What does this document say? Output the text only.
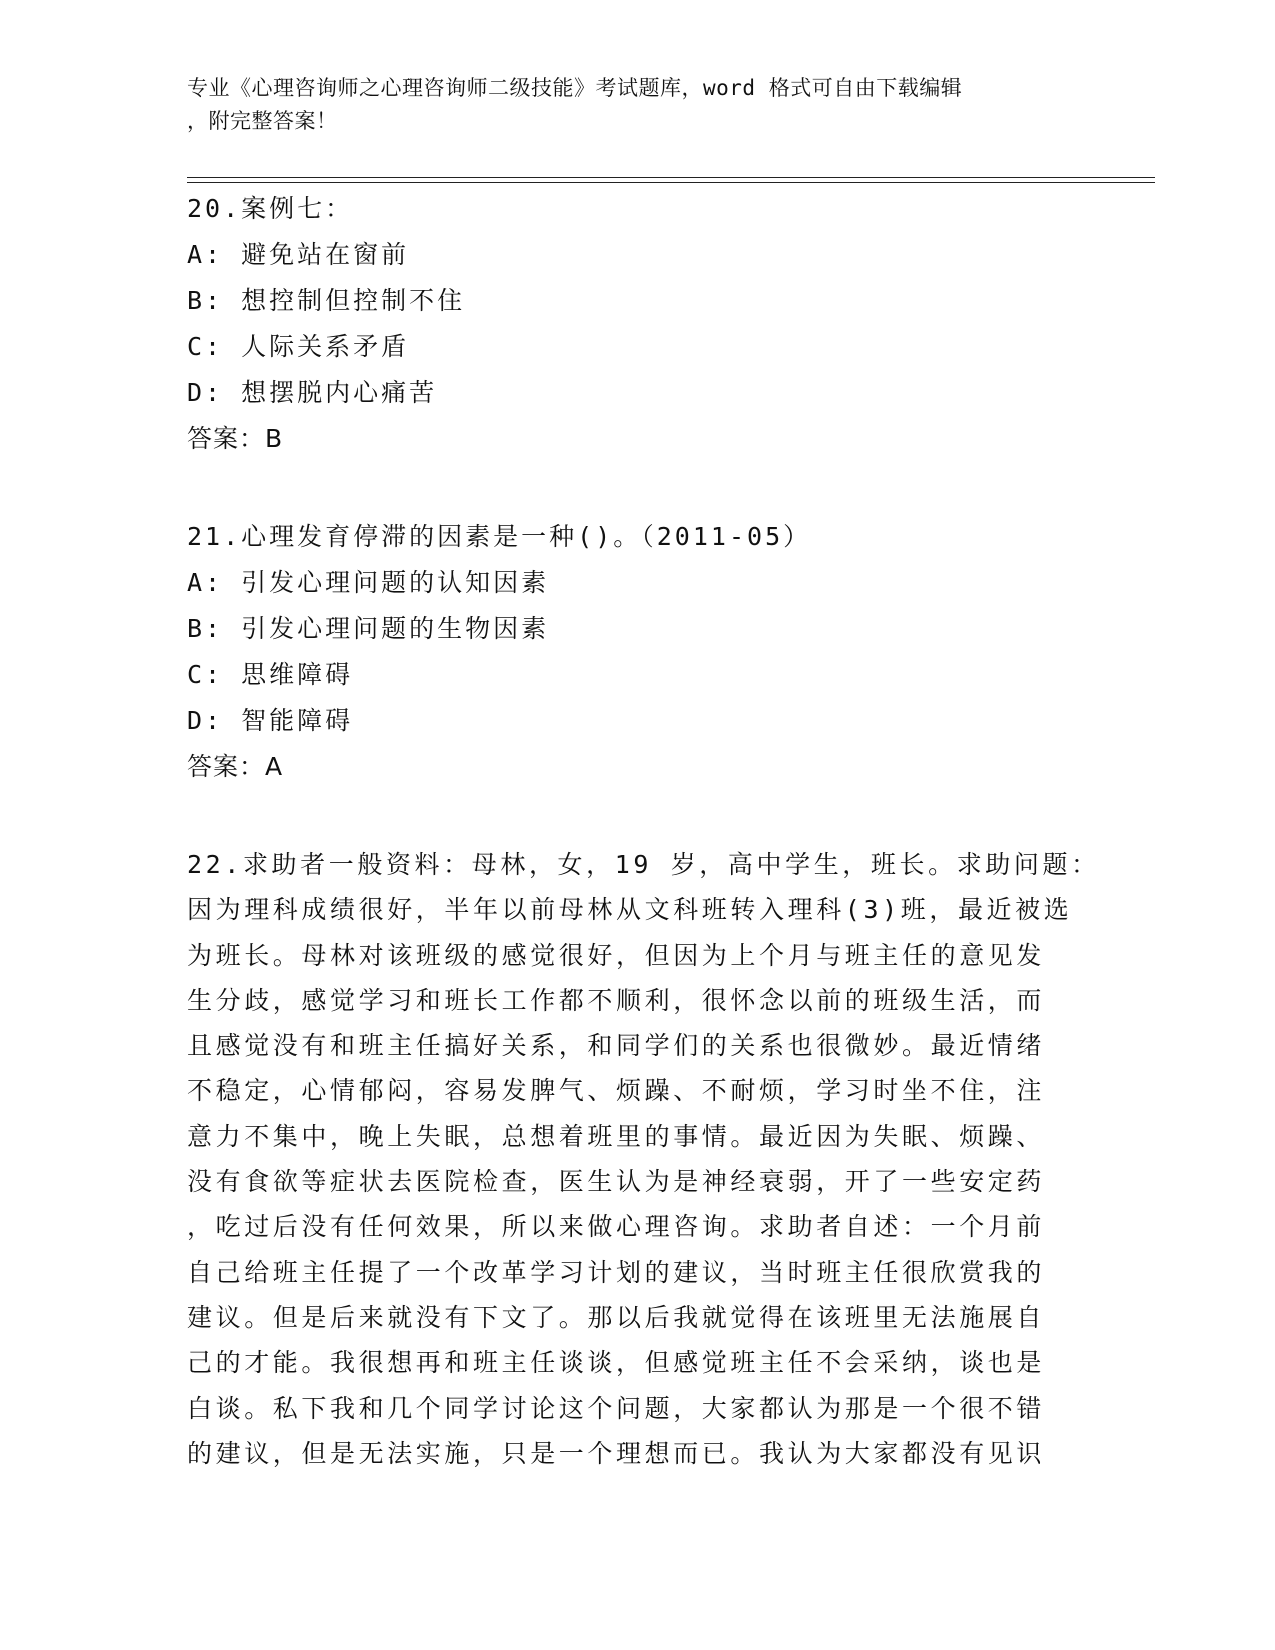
专业《心理咨询师之心理咨询师二级技能》考试题库，word 格式可自由下载编辑
，附完整答案！
20.案例七：
A: 避免站在窗前
B: 想控制但控制不住
C: 人际关系矛盾
D: 想摆脱内心痛苦
答案：B
21.心理发育停滞的因素是一种()。（2011-05）
A: 引发心理问题的认知因素
B: 引发心理问题的生物因素
C: 思维障碍
D: 智能障碍
答案：A
22.求助者一般资料：母林，女，19 岁，高中学生，班长。求助问题：
因为理科成绩很好，半年以前母林从文科班转入理科(3)班，最近被选
为班长。母林对该班级的感觉很好，但因为上个月与班主任的意见发
生分歧，感觉学习和班长工作都不顺利，很怀念以前的班级生活，而
且感觉没有和班主任搞好关系，和同学们的关系也很微妙。最近情绪
不稳定，心情郁闷，容易发脾气、烦躁、不耐烦，学习时坐不住，注
意力不集中，晚上失眠，总想着班里的事情。最近因为失眠、烦躁、
没有食欲等症状去医院检查，医生认为是神经衰弱，开了一些安定药
，吃过后没有任何效果，所以来做心理咨询。求助者自述：一个月前
自己给班主任提了一个改革学习计划的建议，当时班主任很欣赏我的
建议。但是后来就没有下文了。那以后我就觉得在该班里无法施展自
己的才能。我很想再和班主任谈谈，但感觉班主任不会采纳，谈也是
白谈。私下我和几个同学讨论这个问题，大家都认为那是一个很不错
的建议，但是无法实施，只是一个理想而已。我认为大家都没有见识
